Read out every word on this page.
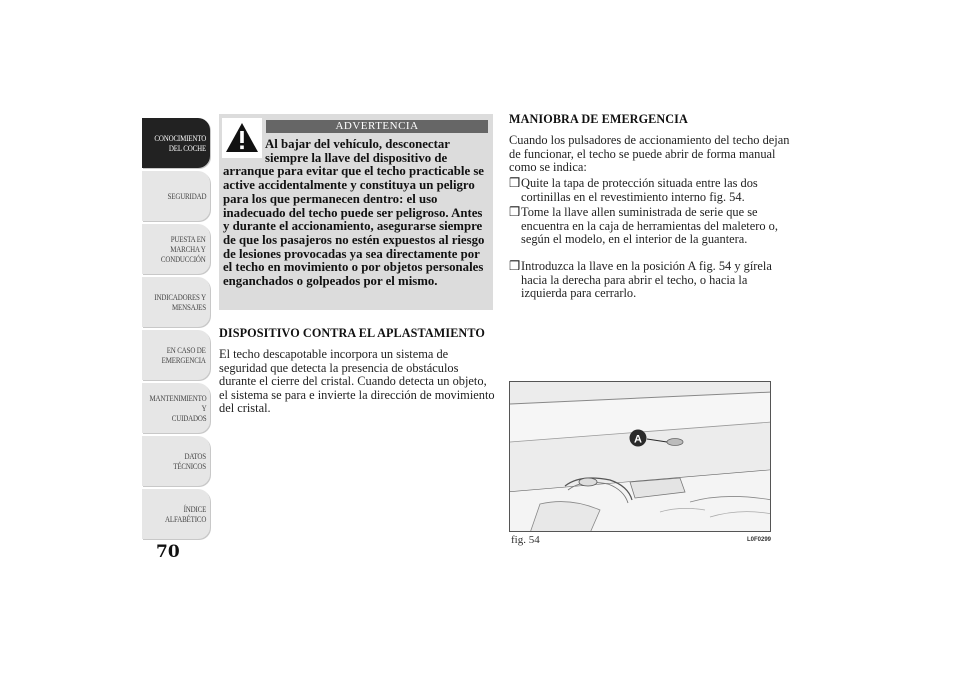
CONOCIMIENTO
DEL COCHE
SEGURIDAD
PUESTA EN
MARCHA Y
CONDUCCIÓN
INDICADORES Y
MENSAJES
EN CASO DE
EMERGENCIA
MANTENIMIENTO Y
CUIDADOS
DATOS TÉCNICOS
ÍNDICE
ALFABÉTICO
70
ADVERTENCIA

Al bajar del vehículo, desconectar
siempre la llave del dispositivo de
arranque para evitar que el techo practicable se active accidentalmente y constituya un peligro para los que permanecen dentro: el uso inadecuado del techo puede ser peligroso. Antes y durante el accionamiento, asegurarse siempre de que los pasajeros no estén expuestos al riesgo de lesiones provocadas ya sea directamente por el techo en movimiento o por objetos personales enganchados o golpeados por el mismo.

DISPOSITIVO CONTRA EL APLASTAMIENTO

El techo descapotable incorpora un sistema de seguridad que detecta la presencia de obstáculos durante el cierre del cristal. Cuando detecta un objeto, el sistema se para e invierte la dirección de movimiento del cristal.

MANIOBRA DE EMERGENCIA

Cuando los pulsadores de accionamiento del techo dejan de funcionar, el techo se puede abrir de forma manual como se indica:

❒ Quite la tapa de protección situada entre las dos cortinillas en el revestimiento interno fig. 54.
❒ Tome la llave allen suministrada de serie que se encuentra en la caja de herramientas del maletero o, según el modelo, en el interior de la guantera.
❒ Introduzca la llave en la posición A fig. 54 y gírela hacia la derecha para abrir el techo, o hacia la izquierda para cerrarlo.
A
fig. 54	L0F0299
